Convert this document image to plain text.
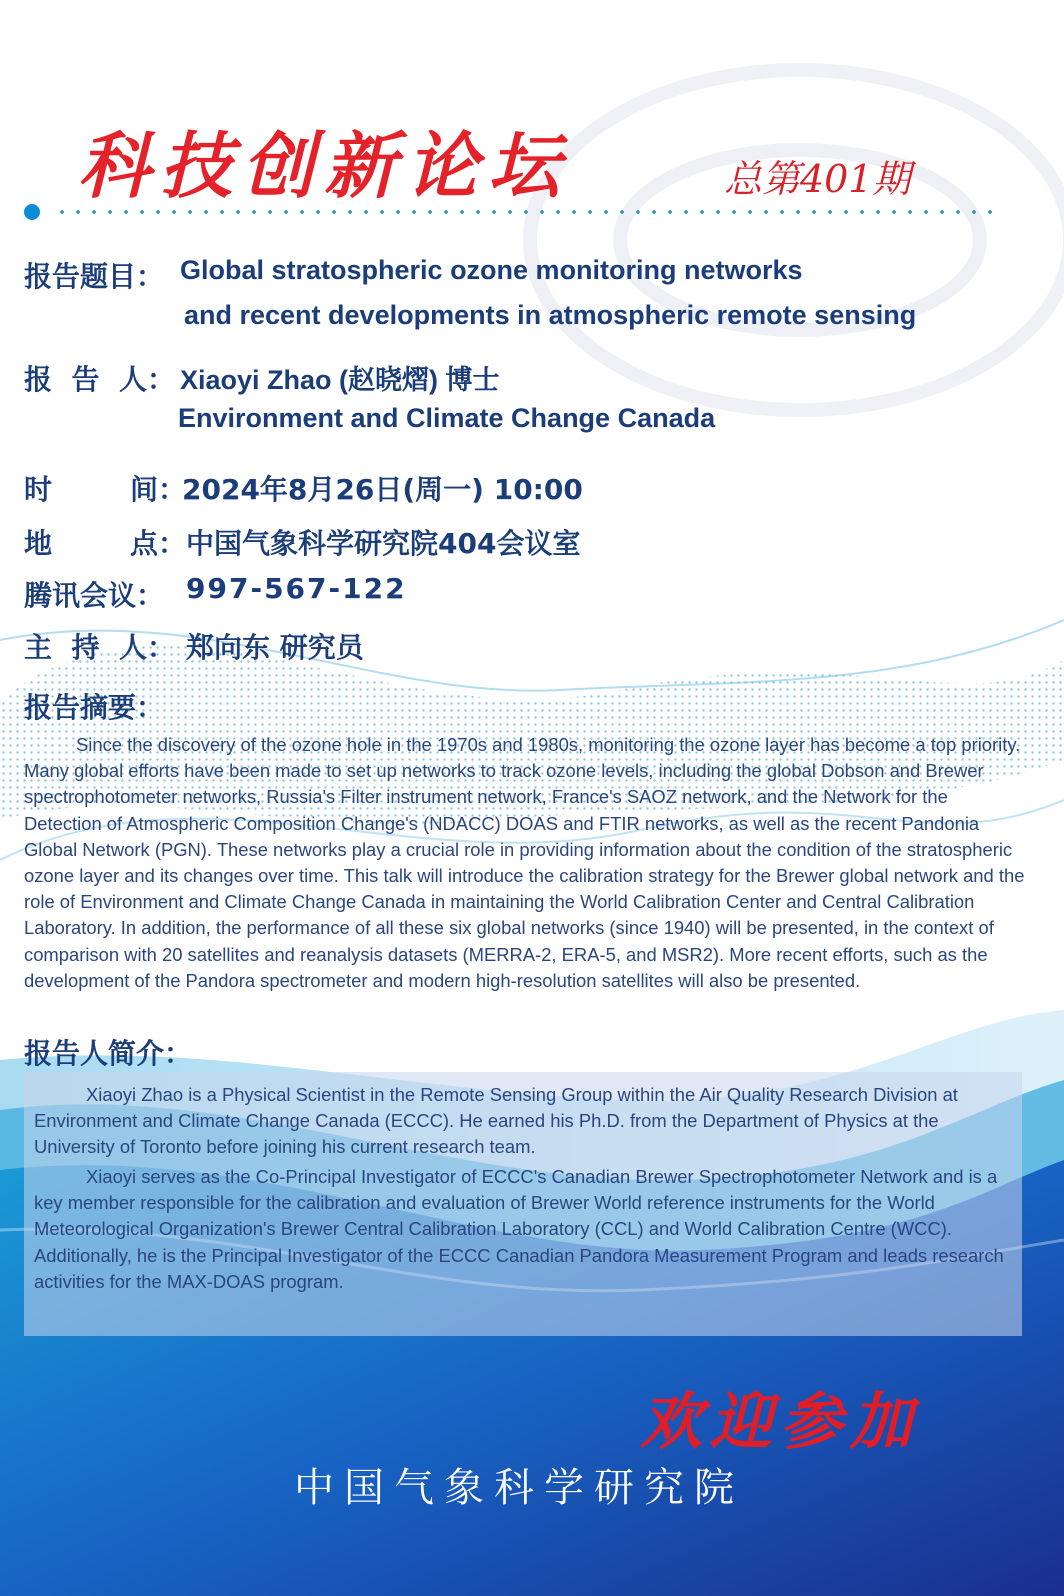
科技创新论坛	总第401期
报告题目： Global stratospheric ozone monitoring networks
and recent developments in atmospheric remote sensing
报  告  人： Xiaoyi Zhao (赵晓熠) 博士
Environment and Climate Change Canada
时        间：
2024年8月26日(周一) 10:00
地        点： 中国气象科学研究院404会议室
腾讯会议： 997-567-122
主  持  人： 郑向东 研究员
报告摘要：
Since the discovery of the ozone hole in the 1970s and 1980s, monitoring the ozone layer has become a top priority. Many global efforts have been made to set up networks to track ozone levels, including the global Dobson and Brewer spectrophotometer networks, Russia's Filter instrument network, France's SAOZ network, and the Network for the Detection of Atmospheric Composition Change's (NDACC) DOAS and FTIR networks, as well as the recent Pandonia Global Network (PGN). These networks play a crucial role in providing information about the condition of the stratospheric ozone layer and its changes over time. This talk will introduce the calibration strategy for the Brewer global network and the role of Environment and Climate Change Canada in maintaining the World Calibration Center and Central Calibration Laboratory. In addition, the performance of all these six global networks (since 1940) will be presented, in the context of comparison with 20 satellites and reanalysis datasets (MERRA-2, ERA-5, and MSR2). More recent efforts, such as the development of the Pandora spectrometer and modern high-resolution satellites will also be presented.
报告人简介：
Xiaoyi Zhao is a Physical Scientist in the Remote Sensing Group within the Air Quality Research Division at Environment and Climate Change Canada (ECCC). He earned his Ph.D. from the Department of Physics at the University of Toronto before joining his current research team.
Xiaoyi serves as the Co-Principal Investigator of ECCC's Canadian Brewer Spectrophotometer Network and is a key member responsible for the calibration and evaluation of Brewer World reference instruments for the World Meteorological Organization's Brewer Central Calibration Laboratory (CCL) and World Calibration Centre (WCC). Additionally, he is the Principal Investigator of the ECCC Canadian Pandora Measurement Program and leads research activities for the MAX-DOAS program.
欢迎参加
中国气象科学研究院
